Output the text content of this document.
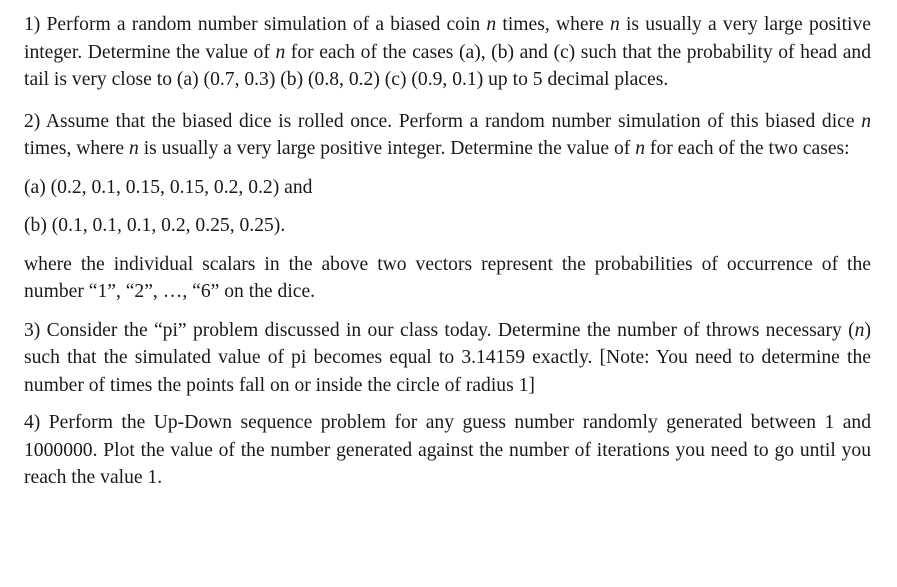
1) Perform a random number simulation of a biased coin n times, where n is usually a very large positive integer. Determine the value of n for each of the cases (a), (b) and (c) such that the probability of head and tail is very close to (a) (0.7, 0.3) (b) (0.8, 0.2) (c) (0.9, 0.1) up to 5 decimal places.

2) Assume that the biased dice is rolled once. Perform a random number simulation of this biased dice n times, where n is usually a very large positive integer. Determine the value of n for each of the two cases:

(a) (0.2, 0.1, 0.15, 0.15, 0.2, 0.2) and

(b) (0.1, 0.1, 0.1, 0.2, 0.25, 0.25).

where the individual scalars in the above two vectors represent the probabilities of occurrence of the number “1”, “2”, …, “6” on the dice.

3) Consider the “pi” problem discussed in our class today. Determine the number of throws necessary (n) such that the simulated value of pi becomes equal to 3.14159 exactly. [Note: You need to determine the number of times the points fall on or inside the circle of radius 1]

4) Perform the Up-Down sequence problem for any guess number randomly generated between 1 and 1000000. Plot the value of the number generated against the number of iterations you need to go until you reach the value 1.
